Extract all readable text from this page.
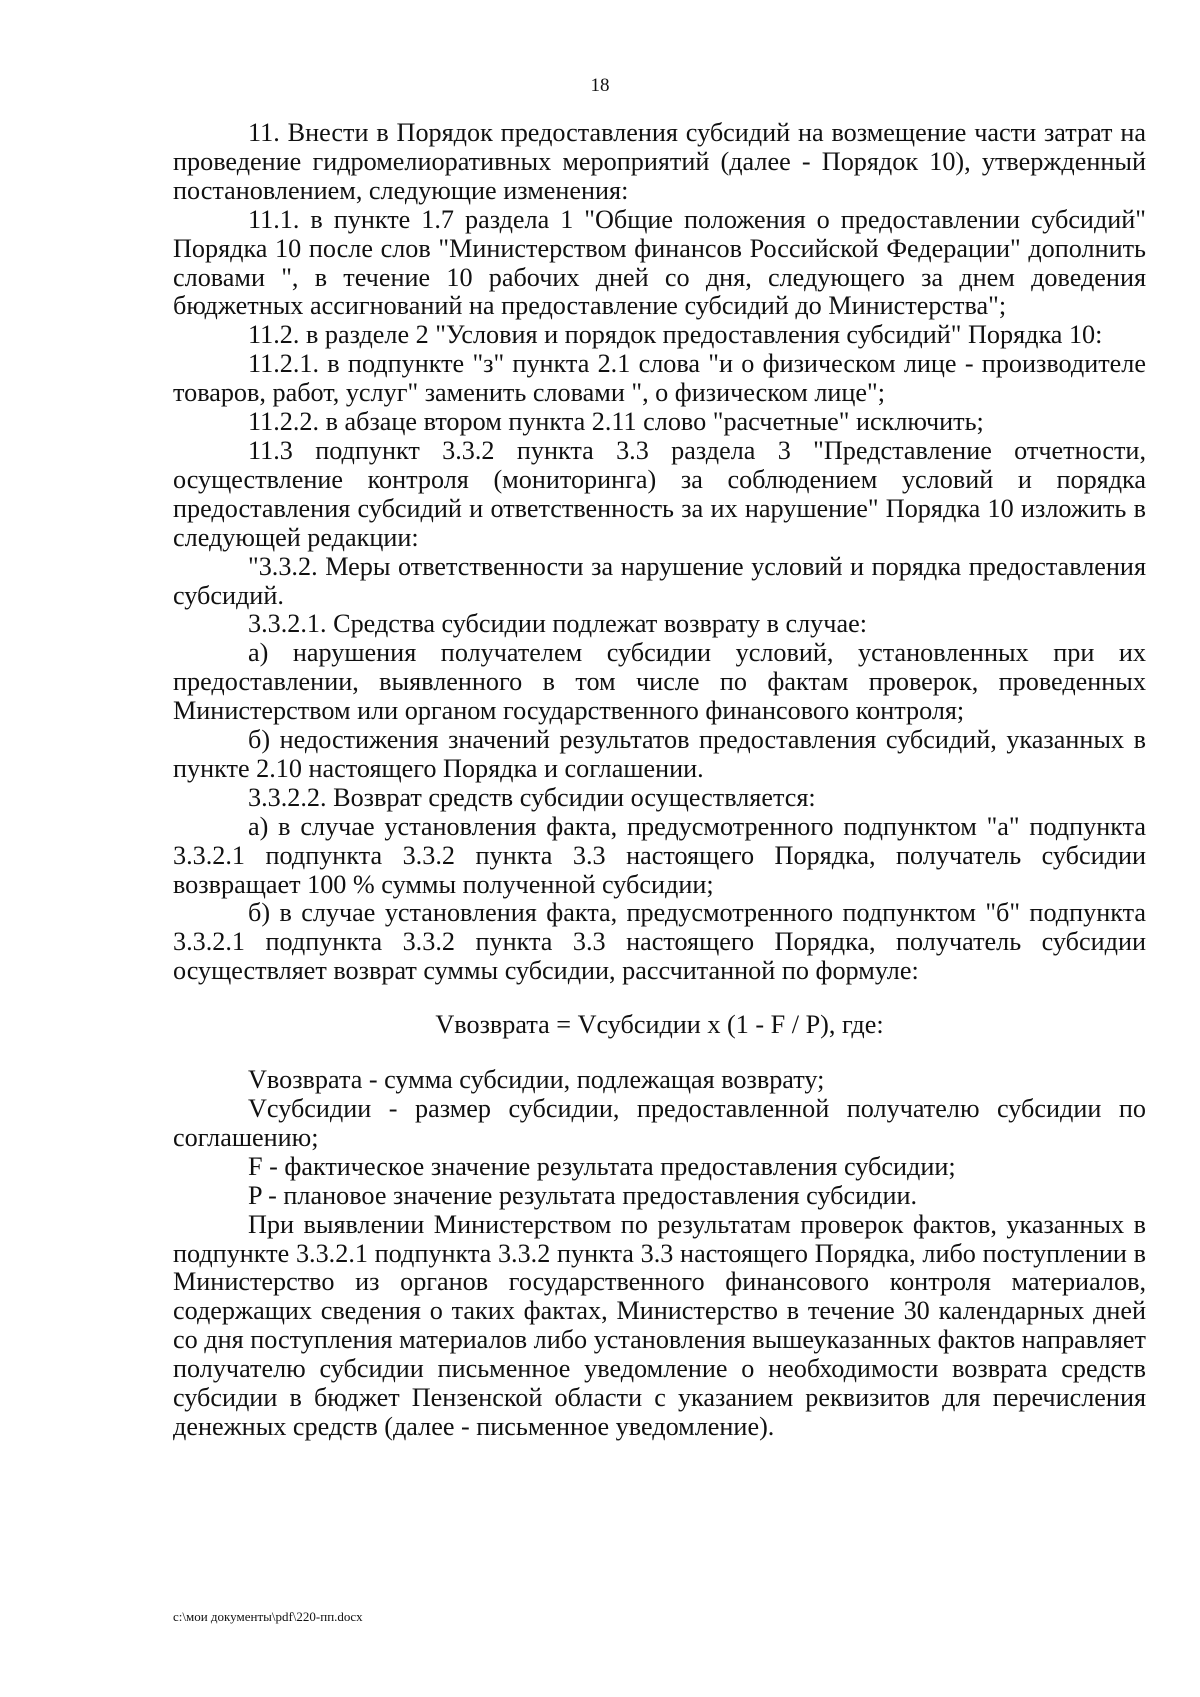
18

11. Внести в Порядок предоставления субсидий на возмещение части затрат на проведение гидромелиоративных мероприятий (далее - Порядок 10), утвержденный постановлением, следующие изменения:

11.1. в пункте 1.7 раздела 1 "Общие положения о предоставлении субсидий" Порядка 10 после слов "Министерством финансов Российской Федерации" дополнить словами ", в течение 10 рабочих дней со дня, следующего за днем доведения бюджетных ассигнований на предоставление субсидий до Министерства";

11.2. в разделе 2 "Условия и порядок предоставления субсидий" Порядка 10:

11.2.1. в подпункте "з" пункта 2.1 слова "и о физическом лице - производителе товаров, работ, услуг" заменить словами ", о физическом лице";

11.2.2. в абзаце втором пункта 2.11 слово "расчетные" исключить;

11.3 подпункт 3.3.2 пункта 3.3 раздела 3 "Представление отчетности, осуществление контроля (мониторинга) за соблюдением условий и порядка предоставления субсидий и ответственность за их нарушение" Порядка 10 изложить в следующей редакции:

"3.3.2. Меры ответственности за нарушение условий и порядка предоставления субсидий.

3.3.2.1. Средства субсидии подлежат возврату в случае:

а) нарушения получателем субсидии условий, установленных при их предоставлении, выявленного в том числе по фактам проверок, проведенных Министерством или органом государственного финансового контроля;

б) недостижения значений результатов предоставления субсидий, указанных в пункте 2.10 настоящего Порядка и соглашении.

3.3.2.2. Возврат средств субсидии осуществляется:

а) в случае установления факта, предусмотренного подпунктом "а" подпункта 3.3.2.1 подпункта 3.3.2 пункта 3.3 настоящего Порядка, получатель субсидии возвращает 100 % суммы полученной субсидии;

б) в случае установления факта, предусмотренного подпунктом "б" подпункта 3.3.2.1 подпункта 3.3.2 пункта 3.3 настоящего Порядка, получатель субсидии осуществляет возврат суммы субсидии, рассчитанной по формуле:

Vвозврата = Vсубсидии x (1 - F / P), где:

Vвозврата - сумма субсидии, подлежащая возврату;

Vсубсидии - размер субсидии, предоставленной получателю субсидии по соглашению;

F - фактическое значение результата предоставления субсидии;

P - плановое значение результата предоставления субсидии.

При выявлении Министерством по результатам проверок фактов, указанных в подпункте 3.3.2.1 подпункта 3.3.2 пункта 3.3 настоящего Порядка, либо поступлении в Министерство из органов государственного финансового контроля материалов, содержащих сведения о таких фактах, Министерство в течение 30 календарных дней со дня поступления материалов либо установления вышеуказанных фактов направляет получателю субсидии письменное уведомление о необходимости возврата средств субсидии в бюджет Пензенской области с указанием реквизитов для перечисления денежных средств (далее - письменное уведомление).

c:\мои документы\pdf\220-пп.docx
